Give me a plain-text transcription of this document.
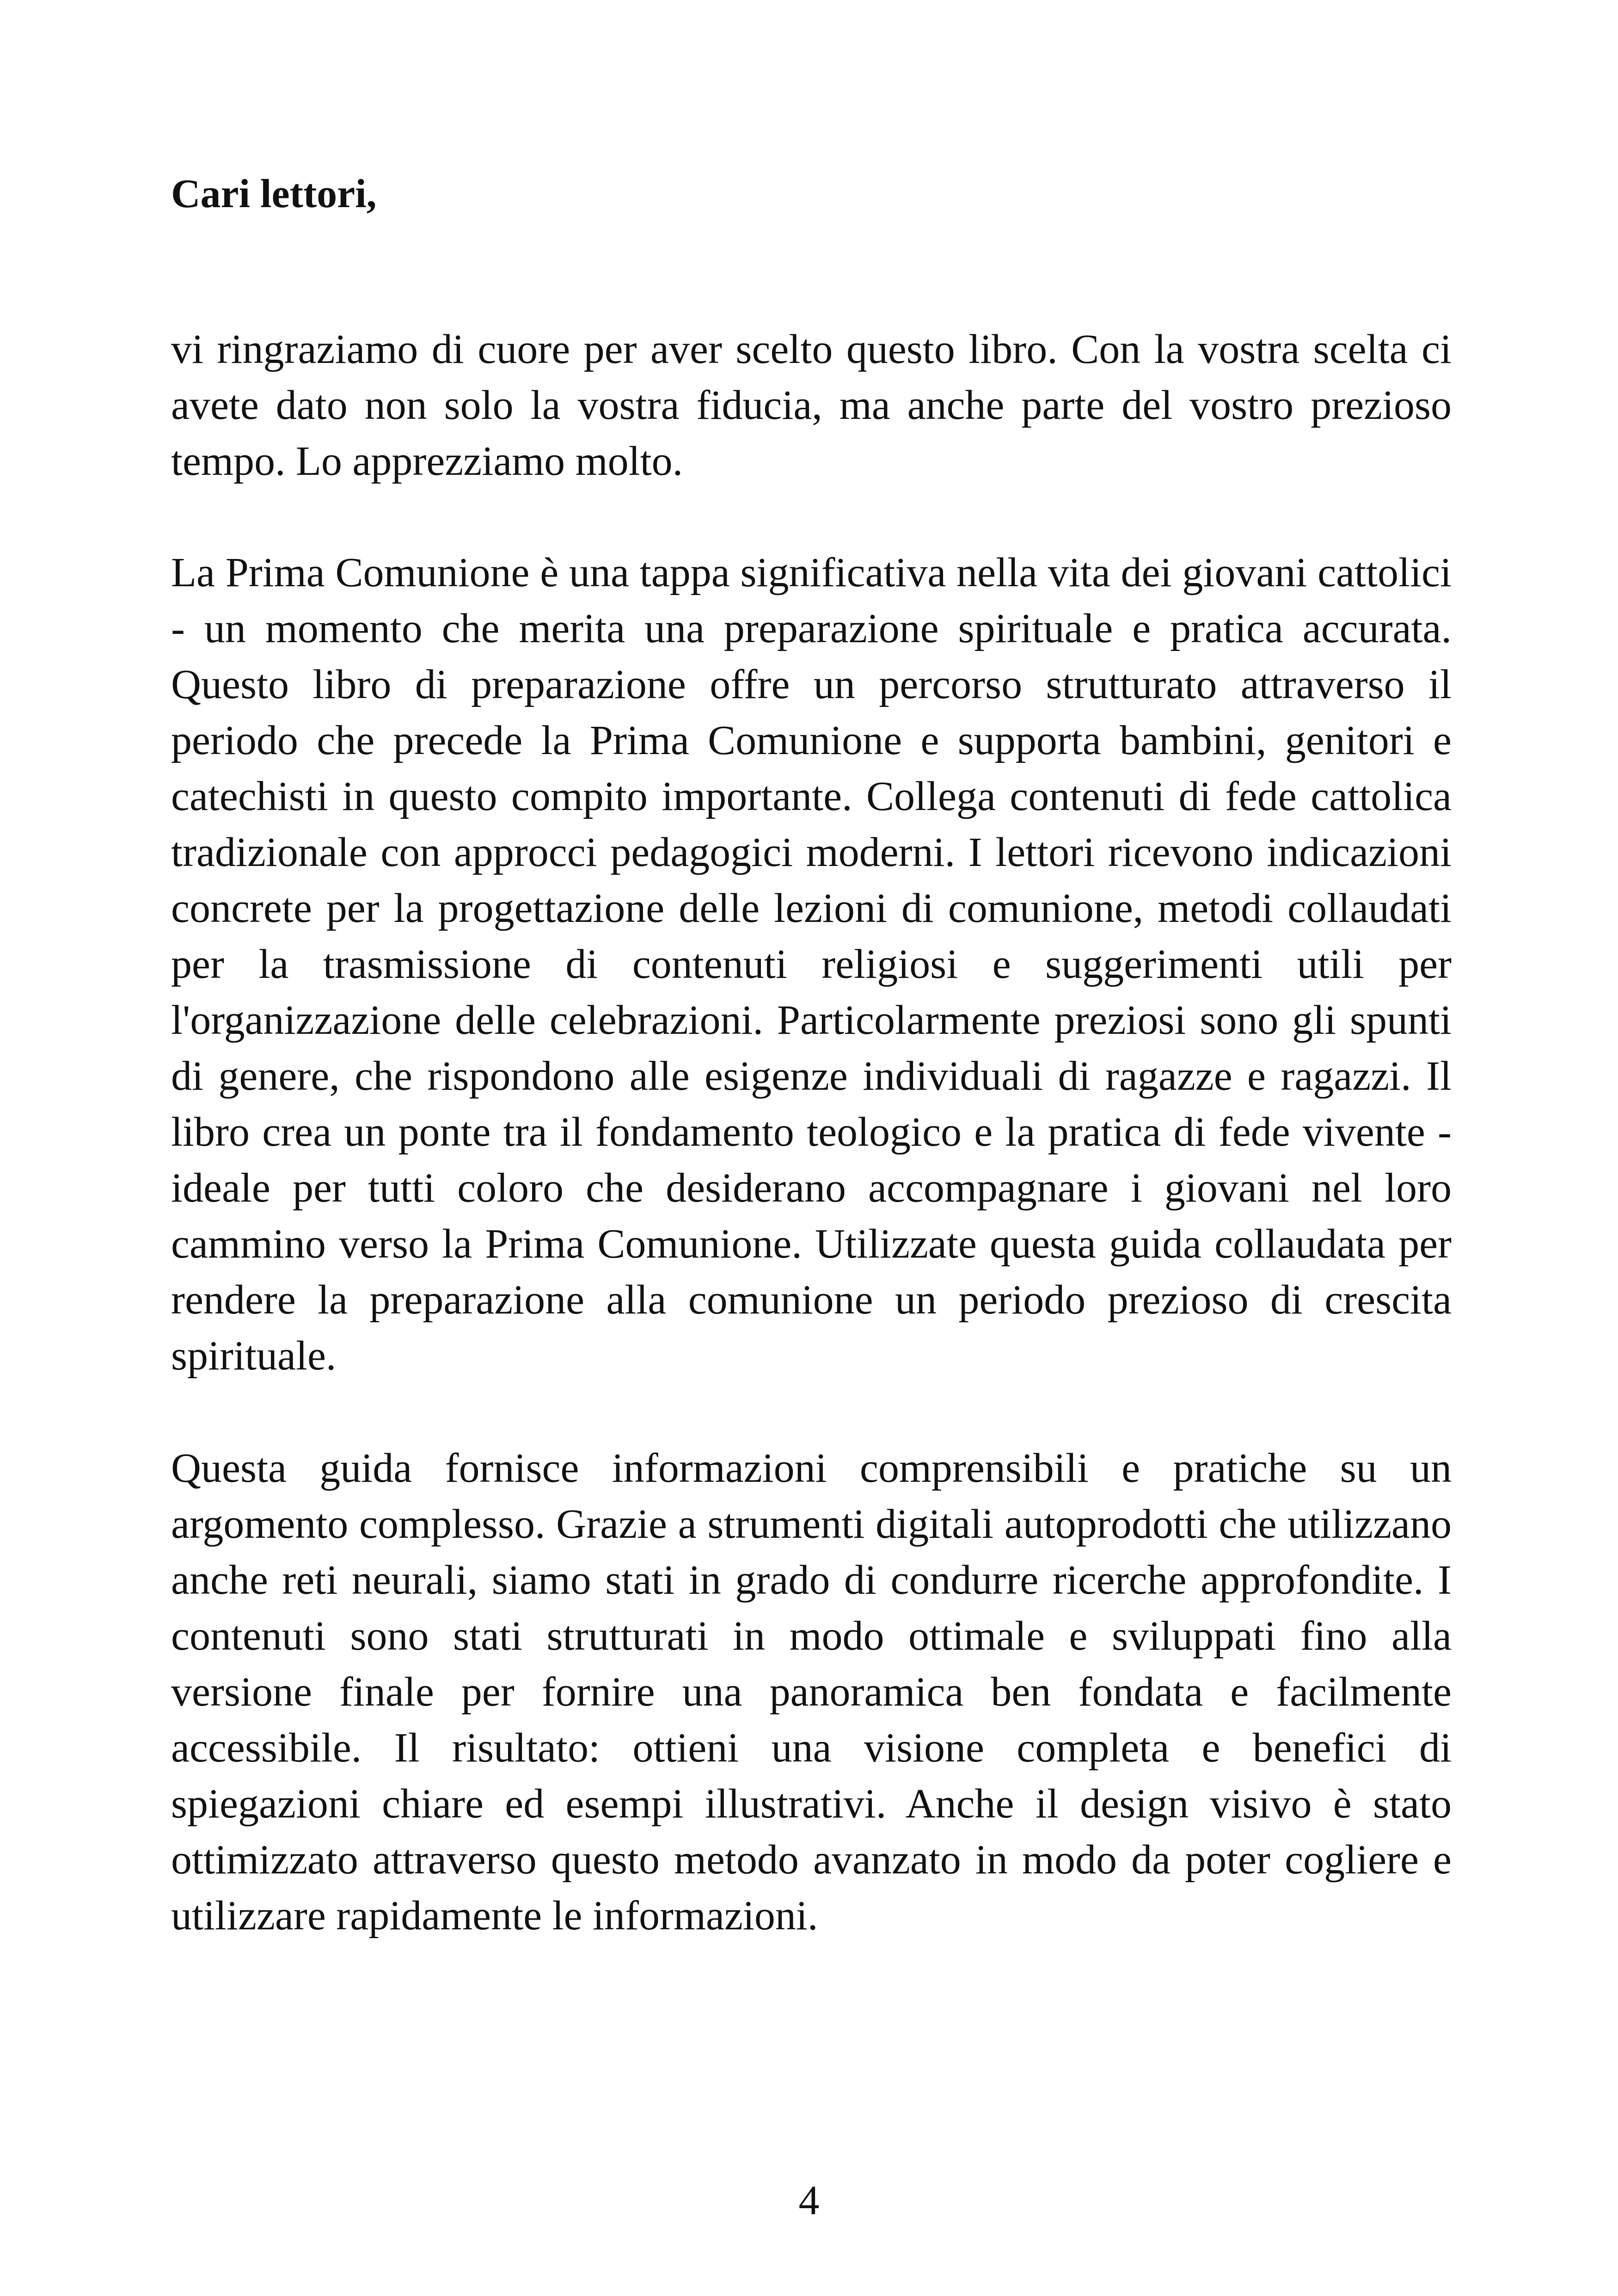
Cari lettori,

vi ringraziamo di cuore per aver scelto questo libro. Con la vostra scelta ci avete dato non solo la vostra fiducia, ma anche parte del vostro prezioso tempo. Lo apprezziamo molto.

La Prima Comunione è una tappa significativa nella vita dei giovani cattolici - un momento che merita una preparazione spirituale e pratica accurata. Questo libro di preparazione offre un percorso strutturato attraverso il periodo che precede la Prima Comunione e supporta bambini, genitori e catechisti in questo compito importante. Collega contenuti di fede cattolica tradizionale con approcci pedagogici moderni. I lettori ricevono indicazioni concrete per la progettazione delle lezioni di comunione, metodi collaudati per la trasmissione di contenuti religiosi e suggerimenti utili per l'organizzazione delle celebrazioni. Particolarmente preziosi sono gli spunti di genere, che rispondono alle esigenze individuali di ragazze e ragazzi. Il libro crea un ponte tra il fondamento teologico e la pratica di fede vivente - ideale per tutti coloro che desiderano accompagnare i giovani nel loro cammino verso la Prima Comunione. Utilizzate questa guida collaudata per rendere la preparazione alla comunione un periodo prezioso di crescita spirituale.

Questa guida fornisce informazioni comprensibili e pratiche su un argomento complesso. Grazie a strumenti digitali autoprodotti che utilizzano anche reti neurali, siamo stati in grado di condurre ricerche approfondite. I contenuti sono stati strutturati in modo ottimale e sviluppati fino alla versione finale per fornire una panoramica ben fondata e facilmente accessibile. Il risultato: ottieni una visione completa e benefici di spiegazioni chiare ed esempi illustrativi. Anche il design visivo è stato ottimizzato attraverso questo metodo avanzato in modo da poter cogliere e utilizzare rapidamente le informazioni.

4
